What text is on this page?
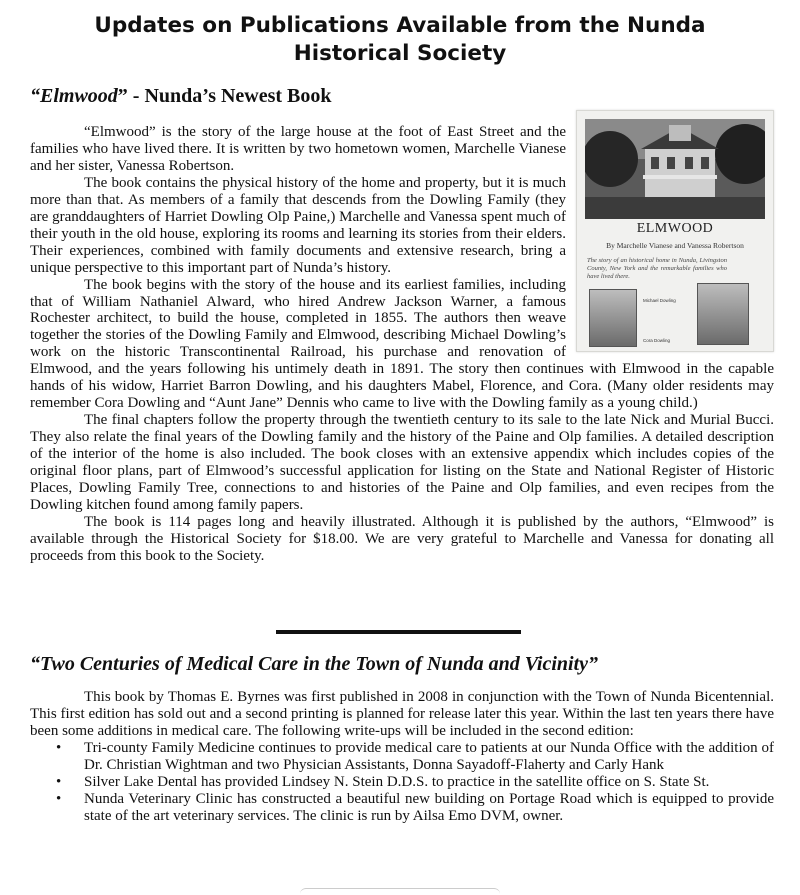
Updates on Publications Available from the Nunda Historical Society
“Elmwood” - Nunda’s Newest Book
ELMWOOD
By Marchelle Vianese and Vanessa Robertson
The story of an historical home in Nunda, Livingston County, New York and the remarkable families who have lived there.
Michael Dowling
Cora Dowling

“Elmwood” is the story of the large house at the foot of East Street and the families who have lived there. It is written by two hometown women, Marchelle Vianese and her sister, Vanessa Robertson.

The book contains the physical history of the home and property, but it is much more than that. As members of a family that descends from the Dowling Family (they are granddaughters of Harriet Dowling Olp Paine,) Marchelle and Vanessa spent much of their youth in the old house, exploring its rooms and learning its stories from their elders. Their experiences, combined with family documents and extensive research, bring a unique perspective to this important part of Nunda’s history.

The book begins with the story of the house and its earliest families, including that of William Nathaniel Alward, who hired Andrew Jackson Warner, a famous Rochester architect, to build the house, completed in 1855. The authors then weave together the stories of the Dowling Family and Elmwood, describing Michael Dowling’s work on the historic Transcontinental Railroad, his purchase and renovation of Elmwood, and the years following his untimely death in 1891. The story then continues with Elmwood in the capable hands of his widow, Harriet Barron Dowling, and his daughters Mabel, Florence, and Cora. (Many older residents may remember Cora Dowling and “Aunt Jane” Dennis who came to live with the Dowling family as a young child.)

The final chapters follow the property through the twentieth century to its sale to the late Nick and Murial Bucci. They also relate the final years of the Dowling family and the history of the Paine and Olp families. A detailed description of the interior of the home is also included. The book closes with an extensive appendix which includes copies of the original floor plans, part of Elmwood’s successful application for listing on the State and National Register of Historic Places, Dowling Family Tree, connections to and histories of the Paine and Olp families, and even recipes from the Dowling kitchen found among family papers.

The book is 114 pages long and heavily illustrated. Although it is published by the authors, “Elmwood” is available through the Historical Society for $18.00. We are very grateful to Marchelle and Vanessa for donating all proceeds from this book to the Society.

“Two Centuries of Medical Care in the Town of Nunda and Vicinity”

This book by Thomas E. Byrnes was first published in 2008 in conjunction with the Town of Nunda Bicentennial. This first edition has sold out and a second printing is planned for release later this year. Within the last ten years there have been some additions in medical care. The following write-ups will be included in the second edition:

• Tri-county Family Medicine continues to provide medical care to patients at our Nunda Office with the addition of Dr. Christian Wightman and two Physician Assistants, Donna Sayadoff-Flaherty and Carly Hank
• Silver Lake Dental has provided Lindsey N. Stein D.D.S. to practice in the satellite office on S. State St.
• Nunda Veterinary Clinic has constructed a beautiful new building on Portage Road which is equipped to provide state of the art veterinary services. The clinic is run by Ailsa Emo DVM, owner.
